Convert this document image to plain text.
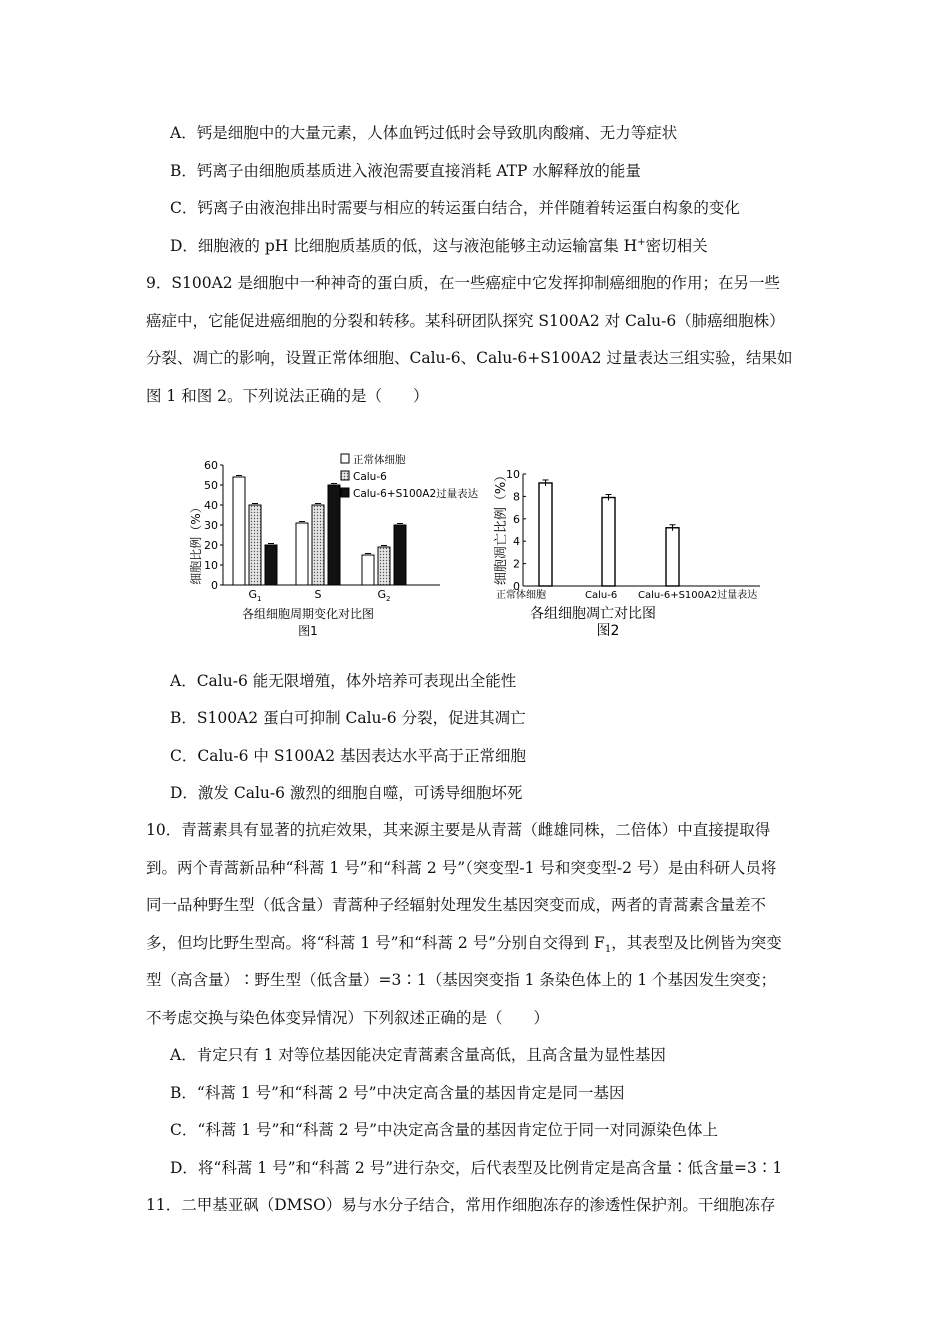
A．钙是细胞中的大量元素，人体血钙过低时会导致肌肉酸痛、无力等症状
B．钙离子由细胞质基质进入液泡需要直接消耗 ATP 水解释放的能量
C．钙离子由液泡排出时需要与相应的转运蛋白结合，并伴随着转运蛋白构象的变化
D．细胞液的 pH 比细胞质基质的低，这与液泡能够主动运输富集 H+密切相关
9．S100A2 是细胞中一种神奇的蛋白质，在一些癌症中它发挥抑制癌细胞的作用；在另一些
癌症中，它能促进癌细胞的分裂和转移。某科研团队探究 S100A2 对 Calu-6（肺癌细胞株）
分裂、凋亡的影响，设置正常体细胞、Calu-6、Calu-6+S100A2 过量表达三组实验，结果如
图 1 和图 2。下列说法正确的是（　　）
细胞比例（%）
0
10
20
30
40
50
60
$G_1$	S	$G_2$
正常体细胞
Calu-6
Calu-6+S100A2过量表达
各组细胞周期变化对比图
图1
细胞凋亡比例（%）
0
2
4
6
8
10
正常体细胞	Calu-6 Calu-6+S100A2过量表达
各组细胞凋亡对比图
图2
A．Calu-6 能无限增殖，体外培养可表现出全能性
B．S100A2 蛋白可抑制 Calu-6 分裂，促进其凋亡
C．Calu-6 中 S100A2 基因表达水平高于正常细胞
D．激发 Calu-6 激烈的细胞自噬，可诱导细胞坏死
10．青蒿素具有显著的抗疟效果，其来源主要是从青蒿（雌雄同株，二倍体）中直接提取得
到。两个青蒿新品种“科蒿 1 号”和“科蒿 2 号”（突变型-1 号和突变型-2 号）是由科研人员将
同一品种野生型（低含量）青蒿种子经辐射处理发生基因突变而成，两者的青蒿素含量差不
多，但均比野生型高。将“科蒿 1 号”和“科蒿 2 号”分别自交得到 $F_1$，其表型及比例皆为突变
型（高含量）∶野生型（低含量）=3∶1（基因突变指 1 条染色体上的 1 个基因发生突变；
不考虑交换与染色体变异情况）下列叙述正确的是（　　）
A．肯定只有 1 对等位基因能决定青蒿素含量高低，且高含量为显性基因
B．“科蒿 1 号”和“科蒿 2 号”中决定高含量的基因肯定是同一基因
C．“科蒿 1 号”和“科蒿 2 号”中决定高含量的基因肯定位于同一对同源染色体上
D．将“科蒿 1 号”和“科蒿 2 号”进行杂交，后代表型及比例肯定是高含量∶低含量=3∶1
11．二甲基亚砜（DMSO）易与水分子结合，常用作细胞冻存的渗透性保护剂。干细胞冻存
